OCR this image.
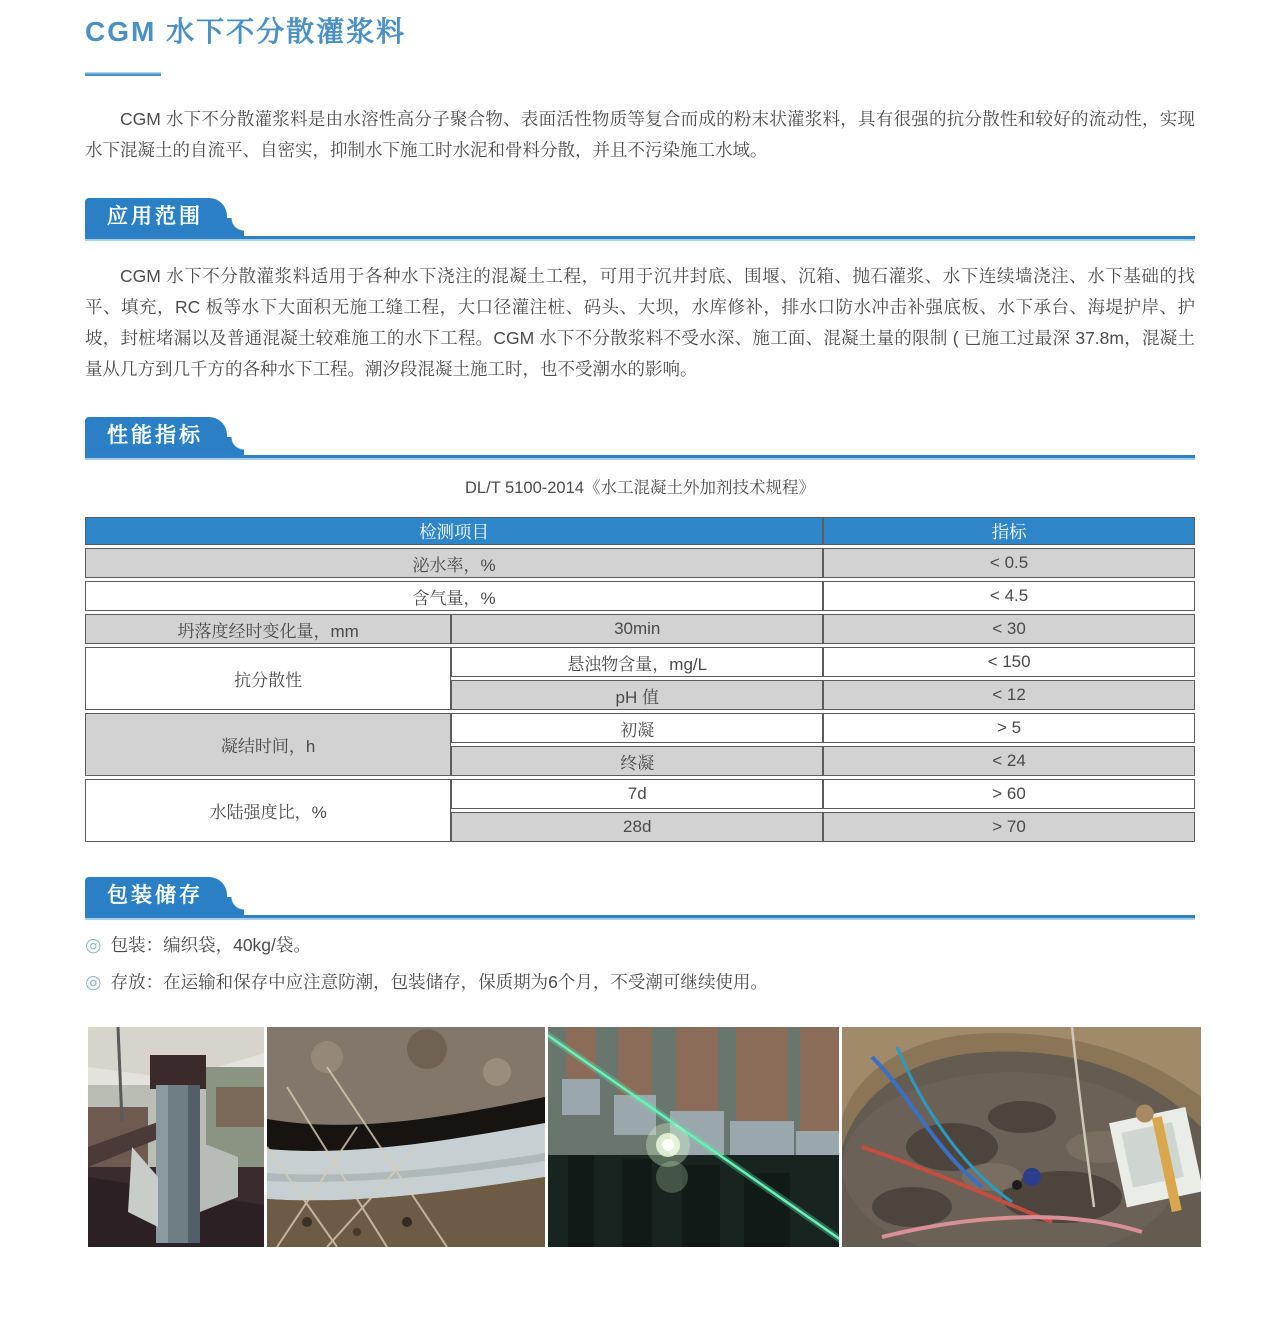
CGM 水下不分散灌浆料

CGM 水下不分散灌浆料是由水溶性高分子聚合物、表面活性物质等复合而成的粉末状灌浆料，具有很强的抗分散性和较好的流动性，实现水下混凝土的自流平、自密实，抑制水下施工时水泥和骨料分散，并且不污染施工水域。

应用范围

CGM 水下不分散灌浆料适用于各种水下浇注的混凝土工程，可用于沉井封底、围堰、沉箱、抛石灌浆、水下连续墙浇注、水下基础的找平、填充，RC 板等水下大面积无施工缝工程，大口径灌注桩、码头、大坝，水库修补，排水口防水冲击补强底板、水下承台、海堤护岸、护坡，封桩堵漏以及普通混凝土较难施工的水下工程。CGM 水下不分散浆料不受水深、施工面、混凝土量的限制 ( 已施工过最深 37.8m，混凝土量从几方到几千方的各种水下工程。潮汐段混凝土施工时，也不受潮水的影响。

性能指标
DL/T 5100-2014《水工混凝土外加剂技术规程》
检测项目		指标
泌水率，%		< 0.5
含气量，%		< 4.5
坍落度经时变化量，mm	30min	< 30
抗分散性	悬浊物含量，mg/L	< 150
	pH 值	< 12
凝结时间，h	初凝	> 5
	终凝	< 24
水陆强度比，%	7d	> 60
	28d	> 70
包装储存
◎ 包装：编织袋，40kg/袋。
◎ 存放：在运输和保存中应注意防潮，包装储存，保质期为6个月，不受潮可继续使用。
